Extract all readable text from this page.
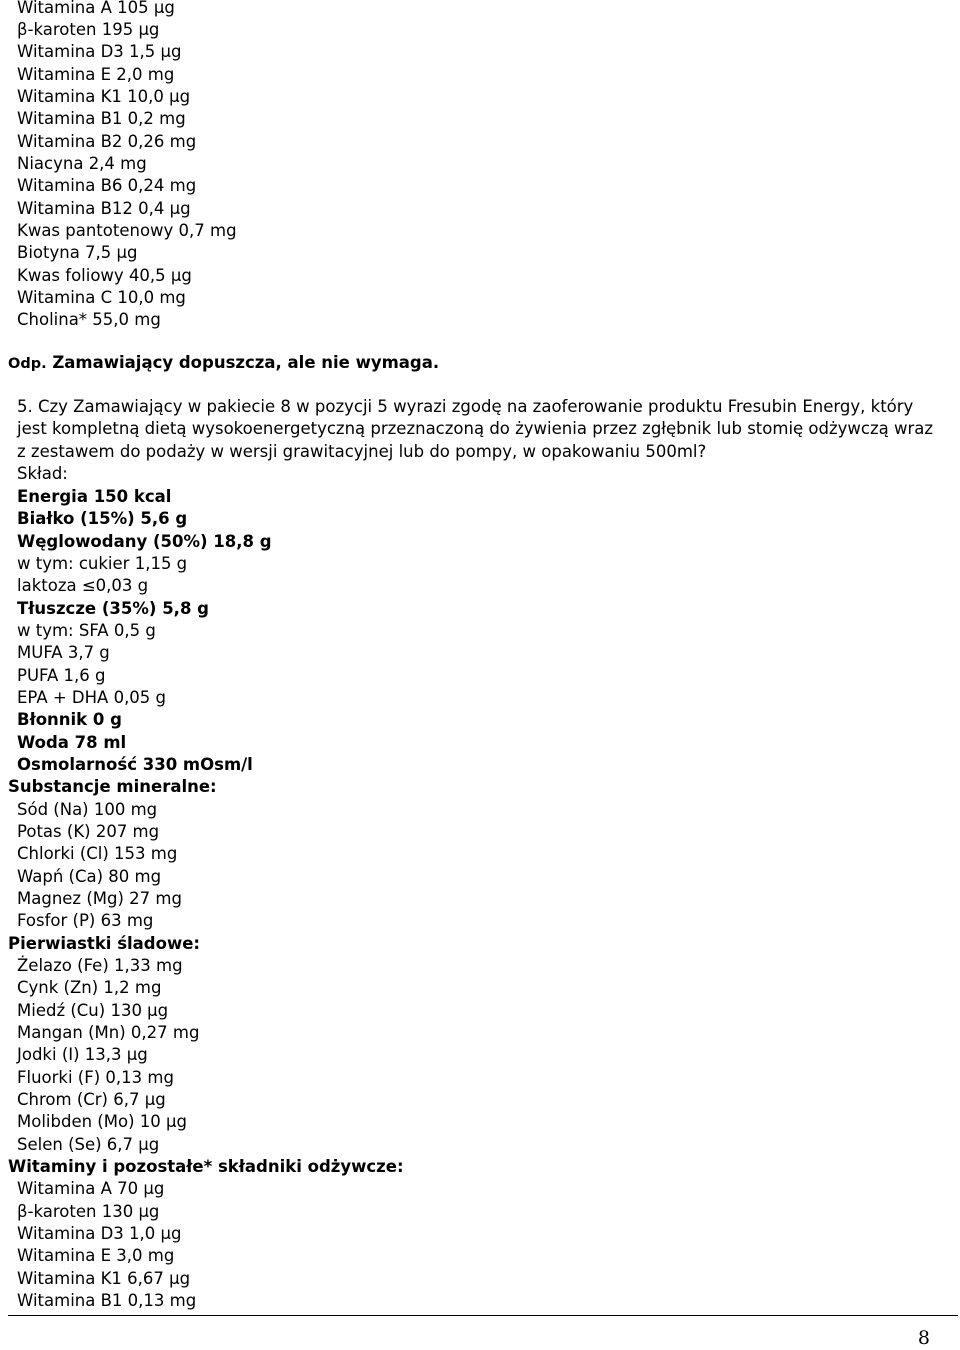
Witamina A 105 µg
β-karoten 195 µg
Witamina D3 1,5 µg
Witamina E 2,0 mg
Witamina K1 10,0 µg
Witamina B1 0,2 mg
Witamina B2 0,26 mg
Niacyna 2,4 mg
Witamina B6 0,24 mg
Witamina B12 0,4 µg
Kwas pantotenowy 0,7 mg
Biotyna 7,5 µg
Kwas foliowy 40,5 µg
Witamina C 10,0 mg
Cholina* 55,0 mg
Odp. Zamawiający dopuszcza, ale nie wymaga.
5. Czy Zamawiający w pakiecie 8 w pozycji 5 wyrazi zgodę na zaoferowanie produktu Fresubin Energy, który jest kompletną dietą wysokoenergetyczną przeznaczoną do żywienia przez zgłębnik lub stomię odżywczą wraz z zestawem do podaży w wersji grawitacyjnej lub do pompy, w opakowaniu 500ml?
Skład:
Energia 150 kcal
Białko (15%) 5,6 g
Węglowodany (50%) 18,8 g
w tym: cukier 1,15 g
laktoza ≤0,03 g
Tłuszcze (35%) 5,8 g
w tym: SFA 0,5 g
MUFA 3,7 g
PUFA 1,6 g
EPA + DHA 0,05 g
Błonnik 0 g
Woda 78 ml
Osmolarność 330 mOsm/l
Substancje mineralne:
Sód (Na) 100 mg
Potas (K) 207 mg
Chlorki (Cl) 153 mg
Wapń (Ca) 80 mg
Magnez (Mg) 27 mg
Fosfor (P) 63 mg
Pierwiastki śladowe:
Żelazo (Fe) 1,33 mg
Cynk (Zn) 1,2 mg
Miedź (Cu) 130 µg
Mangan (Mn) 0,27 mg
Jodki (I) 13,3 µg
Fluorki (F) 0,13 mg
Chrom (Cr) 6,7 µg
Molibden (Mo) 10 µg
Selen (Se) 6,7 µg
Witaminy i pozostałe* składniki odżywcze:
Witamina A 70 µg
β-karoten 130 µg
Witamina D3 1,0 µg
Witamina E 3,0 mg
Witamina K1 6,67 µg
Witamina B1 0,13 mg
8
